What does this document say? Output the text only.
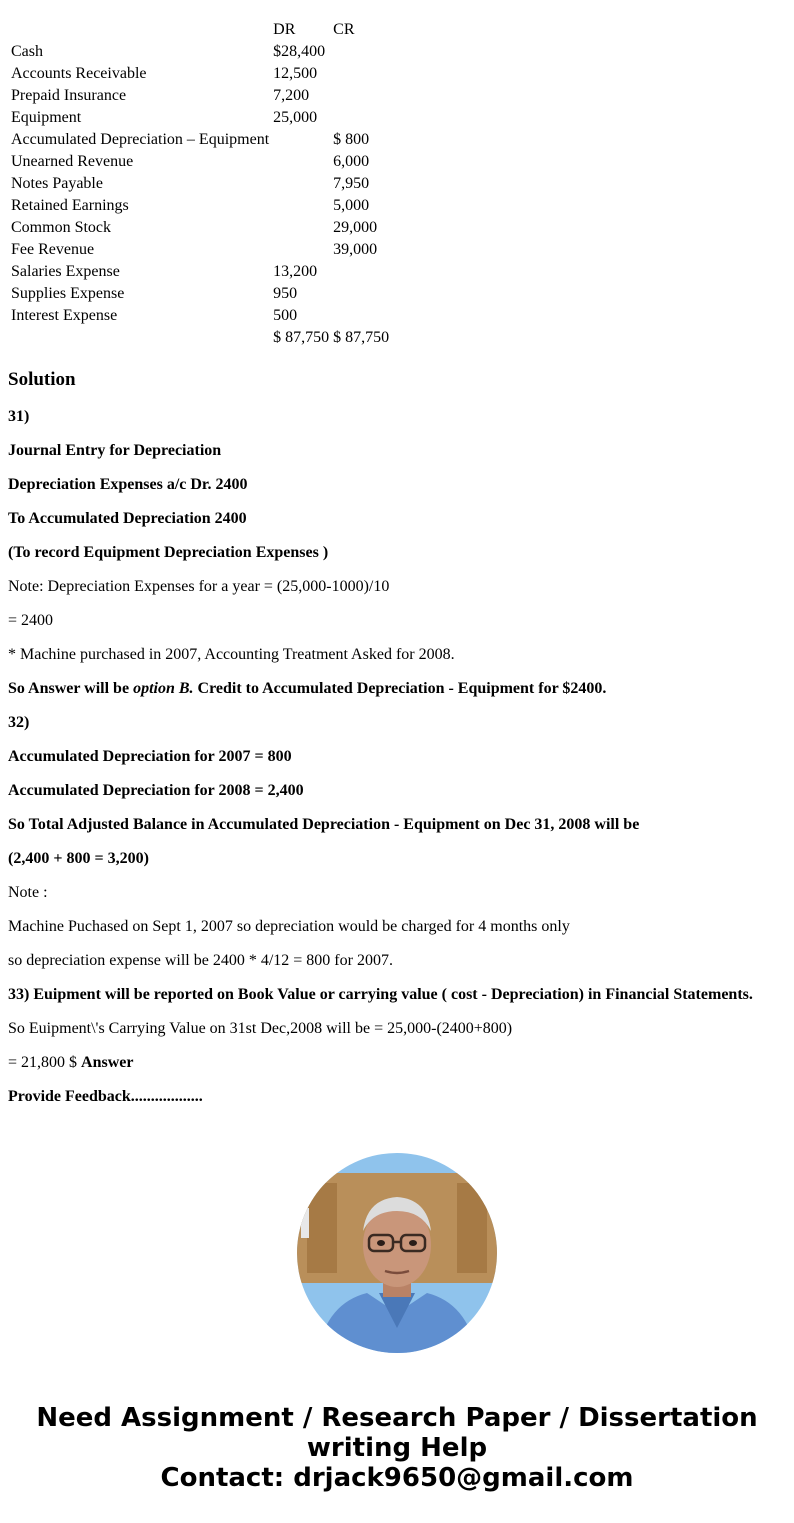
	DR	CR
Cash	$28,400	
Accounts Receivable	12,500	
Prepaid Insurance	7,200	
Equipment	25,000	
Accumulated Depreciation – Equipment		$ 800
Unearned Revenue		6,000
Notes Payable		7,950
Retained Earnings		5,000
Common Stock		29,000
Fee Revenue		39,000
Salaries Expense	13,200	
Supplies Expense	950	
Interest Expense	500	
	$ 87,750	$ 87,750
Solution

31)

Journal Entry for Depreciation

Depreciation Expenses a/c Dr. 2400

To Accumulated Depreciation 2400

(To record Equipment Depreciation Expenses )

Note: Depreciation Expenses for a year = (25,000-1000)/10

= 2400

* Machine purchased in 2007, Accounting Treatment Asked for 2008.

So Answer will be option B. Credit to Accumulated Depreciation - Equipment for $2400.

32)

Accumulated Depreciation for 2007 = 800

Accumulated Depreciation for 2008 = 2,400

So Total Adjusted Balance in Accumulated Depreciation - Equipment on Dec 31, 2008 will be

(2,400 + 800 = 3,200)

Note :

Machine Puchased on Sept 1, 2007 so depreciation would be charged for 4 months only

so depreciation expense will be 2400 * 4/12 = 800 for 2007.

33) Euipment will be reported on Book Value or carrying value ( cost - Depreciation) in Financial Statements.

So Euipment\'s Carrying Value on 31st Dec,2008 will be = 25,000-(2400+800)

= 21,800 $ Answer

Provide Feedback..................

Need Assignment / Research Paper / Dissertation
writing Help
Contact: drjack9650@gmail.com
